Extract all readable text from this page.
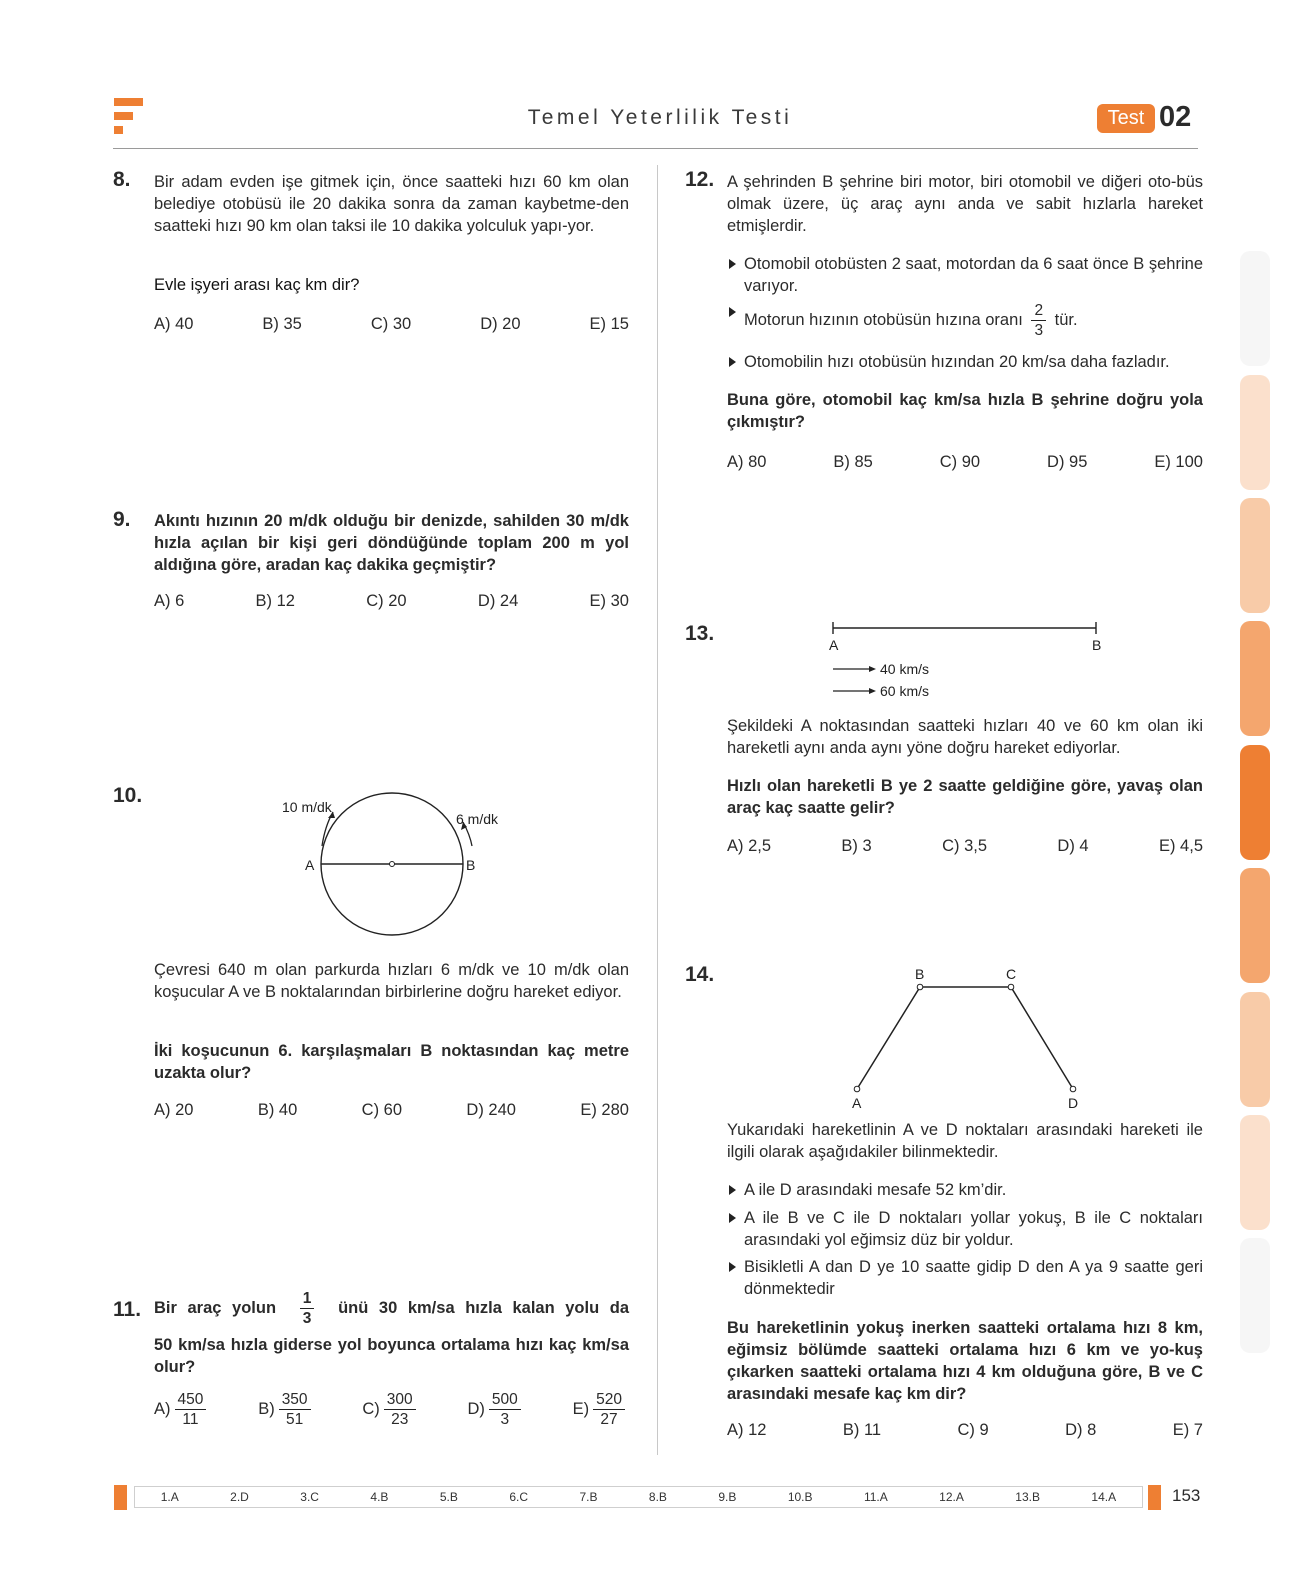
Temel Yeterlilik Testi	Test 02
8. Bir adam evden işe gitmek için, önce saatteki hızı 60 km olan belediye otobüsü ile 20 dakika sonra da zaman kaybetme-den saatteki hızı 90 km olan taksi ile 10 dakika yolculuk yapı-yor.
Evle işyeri arası kaç km dir?
A) 40	B) 35	C) 30	D) 20	E) 15
9. Akıntı hızının 20 m/dk olduğu bir denizde, sahilden 30 m/dk hızla açılan bir kişi geri döndüğünde toplam 200 m yol aldığına göre, aradan kaç dakika geçmiştir?
A) 6	B) 12	C) 20	D) 24	E) 30
10.	10 m/dk
6 m/dk
A	B
Çevresi 640 m olan parkurda hızları 6 m/dk ve 10 m/dk olan koşucular A ve B noktalarından birbirlerine doğru hareket ediyor.
İki koşucunun 6. karşılaşmaları B noktasından kaç metre uzakta olur?
A) 20	B) 40	C) 60	D) 240	E) 280
11. Bir araç yolun $\frac{1}{3}$ ünü 30 km/sa hızla kalan yolu da
50 km/sa hızla giderse yol boyunca ortalama hızı kaç km/sa olur?
$A) \frac{450}{11}$	$B) \frac{350}{51}$	$C) \frac{300}{23}$	$D) \frac{500}{3}$	$E) \frac{520}{27}$
12. A şehrinden B şehrine biri motor, biri otomobil ve diğeri oto-büs olmak üzere, üç araç aynı anda ve sabit hızlarla hareket etmişlerdir.
Otomobil otobüsten 2 saat, motordan da 6 saat önce B şehrine varıyor.
Motorun hızının otobüsün hızına oranı $\frac{2}{3}$ tür.
Otomobilin hızı otobüsün hızından 20 km/sa daha fazladır.
Buna göre, otomobil kaç km/sa hızla B şehrine doğru yola çıkmıştır?
A) 80	B) 85	C) 90	D) 95	E) 100
13.	A	B
40 km/s
60 km/s
Şekildeki A noktasından saatteki hızları 40 ve 60 km olan iki hareketli aynı anda aynı yöne doğru hareket ediyorlar.
Hızlı olan hareketli B ye 2 saatte geldiğine göre, yavaş olan araç kaç saatte gelir?
A) 2,5	B) 3	C) 3,5	D) 4	E) 4,5
14.
A
B	C
D
Yukarıdaki hareketlinin A ve D noktaları arasındaki hareketi ile ilgili olarak aşağıdakiler bilinmektedir.
A ile D arasındaki mesafe 52 km’dir.
A ile B ve C ile D noktaları yollar yokuş, B ile C noktaları arasındaki yol eğimsiz düz bir yoldur.
Bisikletli A dan D ye 10 saatte gidip D den A ya 9 saatte geri dönmektedir
Bu hareketlinin yokuş inerken saatteki ortalama hızı 8 km, eğimsiz bölümde saatteki ortalama hızı 6 km ve yo-kuş çıkarken saatteki ortalama hızı 4 km olduğuna göre, B ve C arasındaki mesafe kaç km dir?
A) 12	B) 11	C) 9	D) 8	E) 7
1.A	2.D	3.C	4.B	5.B	6.C	7.B	8.B	9.B	10.B	11.A	12.A	13.B	14.A	153
